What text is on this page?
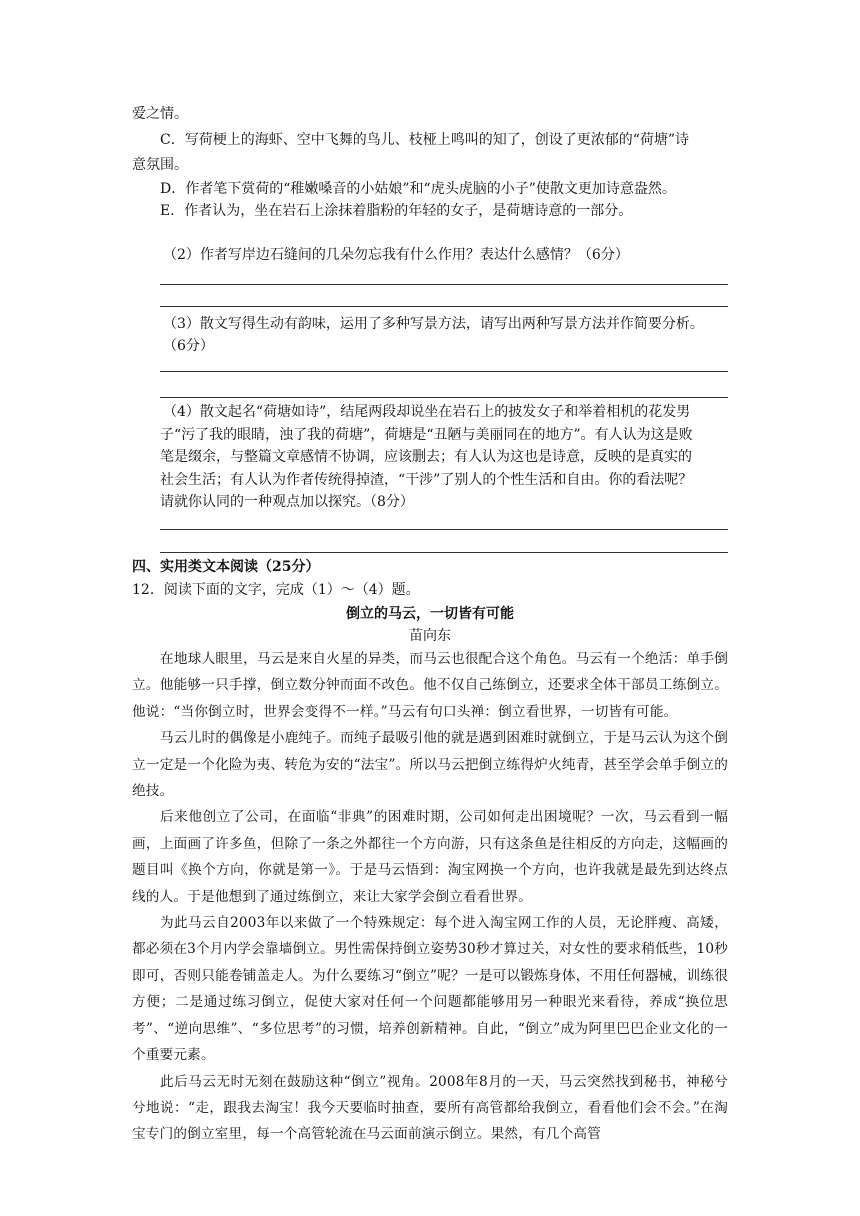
爱之情。
C．写荷梗上的海虾、空中飞舞的鸟儿、枝桠上鸣叫的知了，创设了更浓郁的“荷塘”诗
意氛围。
D．作者笔下赏荷的“稚嫩嗓音的小姑娘”和“虎头虎脑的小子”使散文更加诗意盎然。
E．作者认为，坐在岩石上涂抹着脂粉的年轻的女子，是荷塘诗意的一部分。
（2）作者写岸边石缝间的几朵勿忘我有什么作用？表达什么感情？（6分）
（3）散文写得生动有韵味，运用了多种写景方法，请写出两种写景方法并作简要分析。
（6分）
（4）散文起名“荷塘如诗”，结尾两段却说坐在岩石上的披发女子和举着相机的花发男
子“污了我的眼睛，浊了我的荷塘”，荷塘是“丑陋与美丽同在的地方”。有人认为这是败
笔是缀余，与整篇文章感情不协调，应该删去；有人认为这也是诗意，反映的是真实的
社会生活；有人认为作者传统得掉渣，“干涉”了别人的个性生活和自由。你的看法呢？
请就你认同的一种观点加以探究。（8分）
四、实用类文本阅读（25分）
12．阅读下面的文字，完成（1）～（4）题。
倒立的马云，一切皆有可能
苗向东

在地球人眼里，马云是来自火星的异类，而马云也很配合这个角色。马云有一个绝活：单手倒立。他能够一只手撑，倒立数分钟而面不改色。他不仅自己练倒立，还要求全体干部员工练倒立。他说：“当你倒立时，世界会变得不一样。”马云有句口头禅：倒立看世界，一切皆有可能。

马云儿时的偶像是小鹿纯子。而纯子最吸引他的就是遇到困难时就倒立，于是马云认为这个倒立一定是一个化险为夷、转危为安的“法宝”。所以马云把倒立练得炉火纯青，甚至学会单手倒立的绝技。

后来他创立了公司，在面临“非典”的困难时期，公司如何走出困境呢？一次，马云看到一幅画，上面画了许多鱼，但除了一条之外都往一个方向游，只有这条鱼是往相反的方向走，这幅画的题目叫《换个方向，你就是第一》。于是马云悟到：淘宝网换一个方向，也许我就是最先到达终点线的人。于是他想到了通过练倒立，来让大家学会倒立看看世界。

为此马云自2003年以来做了一个特殊规定：每个进入淘宝网工作的人员，无论胖瘦、高矮，都必须在3个月内学会靠墙倒立。男性需保持倒立姿势30秒才算过关，对女性的要求稍低些，10秒即可，否则只能卷铺盖走人。为什么要练习“倒立”呢？一是可以锻炼身体，不用任何器械，训练很方便；二是通过练习倒立，促使大家对任何一个问题都能够用另一种眼光来看待，养成“换位思考”、“逆向思维”、“多位思考”的习惯，培养创新精神。自此，“倒立”成为阿里巴巴企业文化的一个重要元素。

此后马云无时无刻在鼓励这种“倒立”视角。2008年8月的一天，马云突然找到秘书，神秘兮兮地说：“走，跟我去淘宝！我今天要临时抽查，要所有高管都给我倒立，看看他们会不会。”在淘宝专门的倒立室里，每一个高管轮流在马云面前演示倒立。果然，有几个高管
